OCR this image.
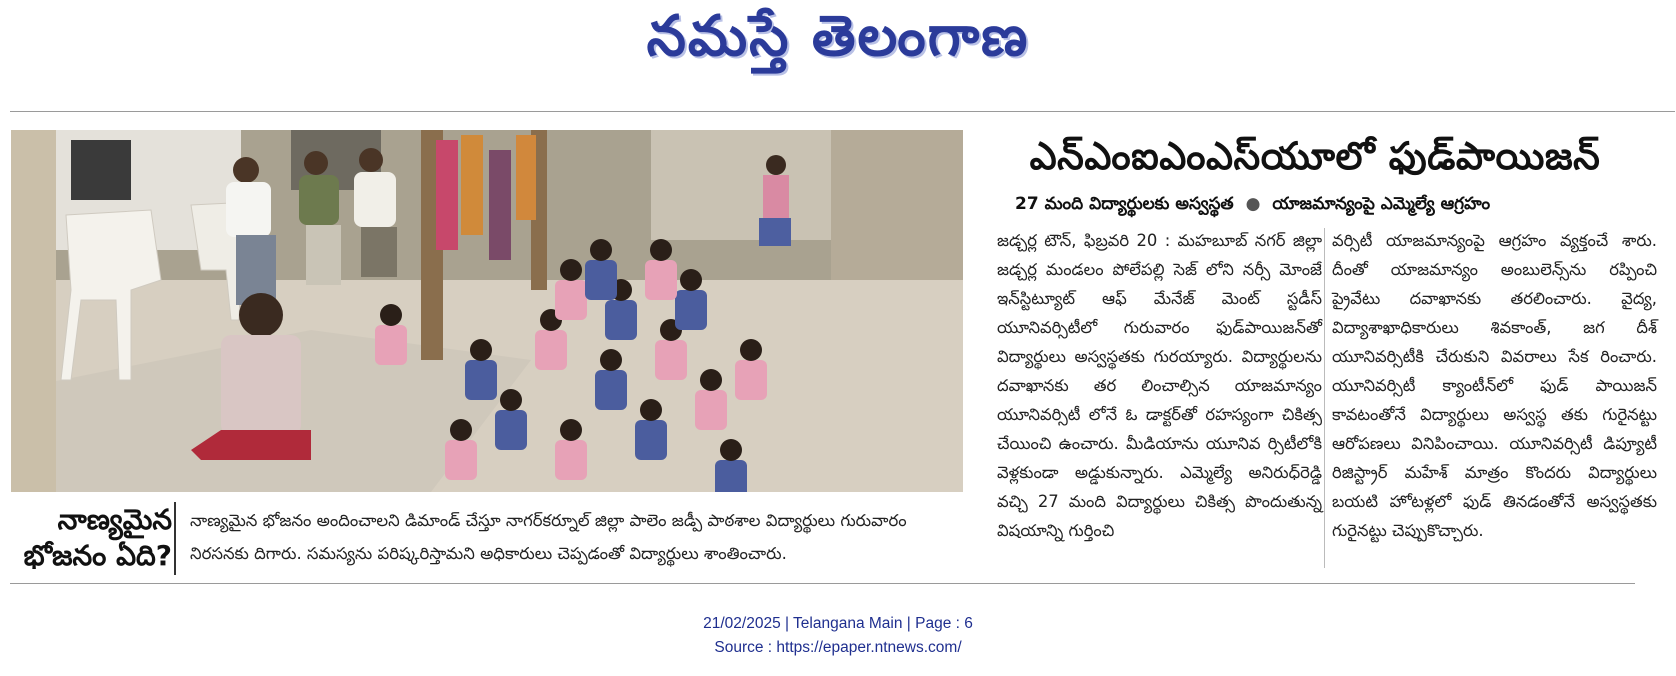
నమస్తే తెలంగాణ
ఎన్‌ఎంఐఎంఎస్‌యూలో ఫుడ్‌పాయిజన్
27 మంది విద్యార్థులకు అస్వస్థత ● యాజమాన్యంపై ఎమ్మెల్యే ఆగ్రహం

జడ్చర్ల టౌన్, ఫిబ్రవరి 20 : మహబూబ్ నగర్ జిల్లా జడ్చర్ల మండలం పోలేపల్లి సెజ్ లోని నర్సీ మోంజే ఇన్‌స్టిట్యూట్ ఆఫ్ మేనేజ్ మెంట్ స్టడీస్ యూనివర్సిటీలో గురువారం ఫుడ్‌పాయిజన్‌తో విద్యార్థులు అస్వస్థతకు గురయ్యారు. విద్యార్థులను దవాఖానకు తర లించాల్సిన యాజమాన్యం యూనివర్సిటీ లోనే ఓ డాక్టర్‌తో రహస్యంగా చికిత్స చేయించి ఉంచారు. మీడియాను యూనివ ర్సిటీలోకి వెళ్లకుండా అడ్డుకున్నారు. ఎమ్మెల్యే అనిరుధ్‌రెడ్డి వచ్చి 27 మంది విద్యార్థులు చికిత్స పొందుతున్న విషయాన్ని గుర్తించి

వర్సిటీ యాజమాన్యంపై ఆగ్రహం వ్యక్తంచే శారు. దీంతో యాజమాన్యం అంబులెన్స్‌ను రప్పించి ప్రైవేటు దవాఖానకు తరలించారు. వైద్య, విద్యాశాఖాధికారులు శివకాంత్, జగ దీశ్ యూనివర్సిటీకి చేరుకుని వివరాలు సేక రించారు. యూనివర్సిటీ క్యాంటీన్‌లో ఫుడ్ పాయిజన్ కావటంతోనే విద్యార్థులు అస్వస్థ తకు గురైనట్టు ఆరోపణలు వినిపించాయి. యూనివర్సిటీ డిప్యూటీ రిజిస్ట్రార్ మహేశ్ మాత్రం కొందరు విద్యార్థులు బయటి హోటళ్లలో ఫుడ్ తినడంతోనే అస్వస్థతకు గురైనట్టు చెప్పుకొచ్చారు.

నాణ్యమైన భోజనం ఏది?
నాణ్యమైన భోజనం అందించాలని డిమాండ్ చేస్తూ నాగర్‌కర్నూల్ జిల్లా పాలెం జడ్పీ పాఠశాల విద్యార్థులు గురువారం నిరసనకు దిగారు. సమస్యను పరిష్కరిస్తామని అధికారులు చెప్పడంతో విద్యార్థులు శాంతించారు.
21/02/2025 | Telangana Main | Page : 6
Source : https://epaper.ntnews.com/
